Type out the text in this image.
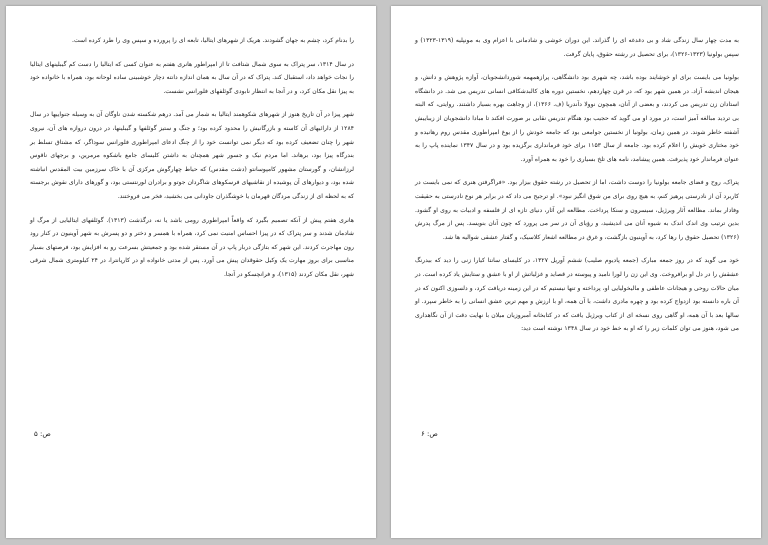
را بدنام کرد، چشم به جهان گشودند. هریک از شهرهای ایتالیا، تابعه ای را پرورده و سپس وی را طرد کرده است.

در سال ۱۳۱۴، سر پتراک به سوی شمال شتافت تا از امپراطور هانری هفتم به عنوان کسی که ایتالیا را دست کم گیبلینهای ایتالیا را نجات خواهد داد، استقبال کند. پتراک که در آن سال به همان اندازه دانته دچار خوشبینی ساده لوحانه بود، همراه با خانواده خود به پیزا نقل مکان کرد، و در آنجا به انتظار نابودی گوئلفهای فلورانس نشست.

شهر پیزا در آن تاریخ هنوز از شهرهای شکوهمند ایتالیا به شمار می آمد. درهم شکسته شدن ناوگان آن به وسیله جنواییها در سال ۱۲۸۴ از دارائیهای آن کاسته و بازرگانیش را محدود کرده بود؛ و جنگ و ستیز گوئلفها و گیبلینها، در درون دروازه های آن، نیروی شهر را چنان تضعیف کرده بود که دیگر نمی توانست خود را از چنگ ادعای امپراطوری فلورانس سوداگر، که مشتاق تسلط بر بندرگاه پیزا بود، برهاند. اما مردم نیک و جسور شهر همچنان به داشتن کلیسای جامع باشکوه مرمرین، و برجهای ناقوس لرزانشان، و گورستان مشهور کامپوسانتو (دشت مقدس) که حیاط چهارگوش مرکزی آن با خاک سرزمین بیت المقدس انباشته شده بود، و دیوارهای آن پوشیده از نقاشیهای فرسکوهای شاگردان جوتو و برادران لورنتستی بود، و گورهای دارای نقوش برجسته که به لحظه ای از زندگی مردگان قهرمان یا خوشگذران جاودانی می بخشید، فخر می فروختند.

هانری هفتم پیش از آنکه تصمیم بگیرد که واقعاً امپراطوری رومی باشد یا نه، درگذشت (۱۳۱۳). گوئلفهای ایتالیایی از مرگ او شادمان شدند و سر پتراک که در پیزا احساس امنیت نمی کرد، همراه با همسر و دختر و دو پسرش به شهر آوینیون در کنار رود رون مهاجرت کردند. این شهر که بتازگی دربار پاپ در آن مستقر شده بود و جمعیتش بسرعت رو به افزایش بود، فرصتهای بسیار مناسبی برای بروز مهارت یک وکیل حقوقدان پیش می آورد. پس از مدتی خانواده او در کارپانترا، در ۲۴ کیلومتری شمال شرقی شهر، نقل مکان کردند (۱۳۱۵)، و فرانچسکو در آنجا.

ص: ۵

به مدت چهار سال زندگی شاد و بی دغدغه ای را گذراند. این دوران خوشی و شادمانی با اعزام وی به مونپلیه (۱۳۱۹-۱۳۲۳) و سپس بولونیا (۱۳۲۳-۱۳۲۶)، برای تحصیل در رشته حقوق، پایان گرفت.

بولونیا می بایست برای او خوشایند بوده باشد، چه شهری بود دانشگاهی، پرازهمهمه شوردانشجویان، آوازه پژوهش و دانش، و هیجان اندیشه آزاد. در همین شهر بود که، در قرن چهاردهم، نخستین دوره های کالبدشکافی انسانی تدریس می شد. در دانشگاه استادان زن تدریس می کردند، و بعضی از آنان، همچون نوولا دآندریا (ف. ۱۳۶۶)، از وجاهت بهره بسیار داشتند. روایتی، که البته بی تردید مبالغه آمیز است، در مورد او می گوید که حجیب بود هنگام تدریس نقابی بر صورت افکند تا مبادا دانشجویان از زیباییش آشفته خاطر شوند. در همین زمان، بولونیا از نخستین جوامعی بود که جامعه خودش را از یوغ امپراطوری مقدس روم رهانیده و خود مختاری خویش را اعلام کرده بود. جامعه از سال ۱۱۵۳ برای خود فرمانداری برگزیده بود و در سال ۱۳۴۷ نماینده پاپ را به عنوان فرماندار خود پذیرفت. همین پیشامد، نامه های تلخ بسیاری را خود به همراه آورد.

پتراک، روح و فضای جامعه بولونیا را دوست داشت، اما از تحصیل در رشته حقوق بیزار بود. «فراگرفتن هنری که نمی بایست در کاربرد آن از نادرستی پرهیز کنم، به هیچ روی برای من شوق انگیز نبود». او ترجیح می داد که در برابر هر نوع نادرستی به حقیقت وفادار بماند. مطالعه آثار ویرژیل، سیسرون و سنکا پرداخت. مطالعه این آثار، دنیای تازه ای از فلسفه و ادبیات به روی او گشود. بدین ترتیب وی اندک اندک به شیوه آنان می اندیشید، و رؤیای آن در سر می پرورد که چون آنان بنویسد. پس از مرگ پدرش (۱۳۲۶) تحصیل حقوق را رها کرد، به آوینیون بازگشت، و غرق در مطالعه اشعار کلاسیک، و گفتار عشقی شوالیه ها شد.

خود می گوید که در روز جمعه مبارک (جمعه پادیوم صلیب) ششم آوریل ۱۳۲۷، در کلیسای سانتا کیارا زنی را دید که بیدرنگ عشقش را در دل او برافروخت. وی این زن را لورا نامید و پیوسته در قصاید و غزلیاتش از او با عشق و ستایش یاد کرده است. در میان حالات روحی و هیجانات عاطفی و مالیخولیایی او، پرداخته و تنها نیستیم که در این زمینه دریافت کرد، و دلسوزی اکنون که در آن باره دانسته بود ازدواج کرده بود و چهره مادری داشت، با آن همه، او با ارزش و مهم ترین عشق انسانی را به خاطر سپرد. او سالها بعد با آن همه، او گاهی روی نسخه ای از کتاب ویرژیل یافت که در کتابخانه آمبروزیان میلان با نهایت دقت از آن نگاهداری می شود، هنوز می توان کلمات زیر را که او به خط خود در سال ۱۳۴۸ نوشته است دید:

ص: ۶
